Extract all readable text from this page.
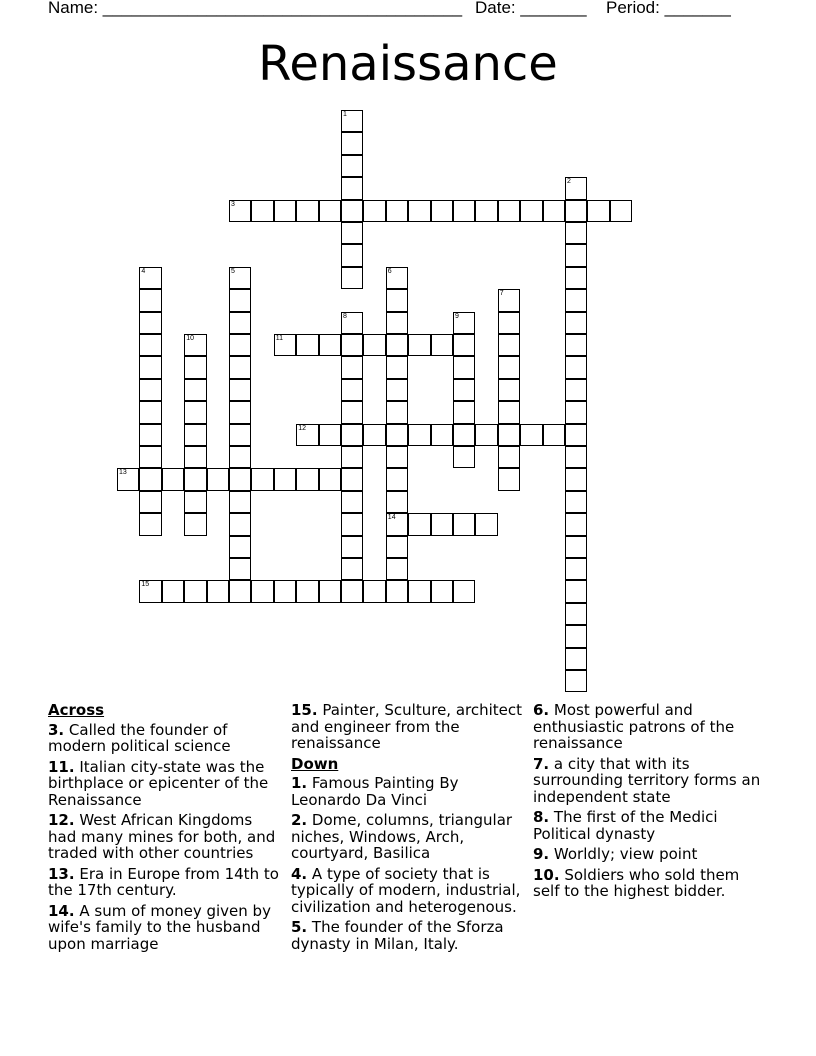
Name: ______________________________________ Date: _______ Period: _______
Renaissance
1
2
3
4	5	6
14
7
8	9
10	11
12
13
15
Across
3. Called the founder of modern political science
11. Italian city-state was the birthplace or epicenter of the Renaissance
12. West African Kingdoms had many mines for both, and traded with other countries
13. Era in Europe from 14th to the 17th century.
14. A sum of money given by wife's family to the husband upon marriage
15. Painter, Sculture, architect and engineer from the renaissance
Down
1. Famous Painting By Leonardo Da Vinci
2. Dome, columns, triangular niches, Windows, Arch, courtyard, Basilica
4. A type of society that is typically of modern, industrial, civilization and heterogenous.
5. The founder of the Sforza dynasty in Milan, Italy.
6. Most powerful and enthusiastic patrons of the renaissance
7. a city that with its surrounding territory forms an independent state
8. The first of the Medici Political dynasty
9. Worldly; view point
10. Soldiers who sold them self to the highest bidder.
